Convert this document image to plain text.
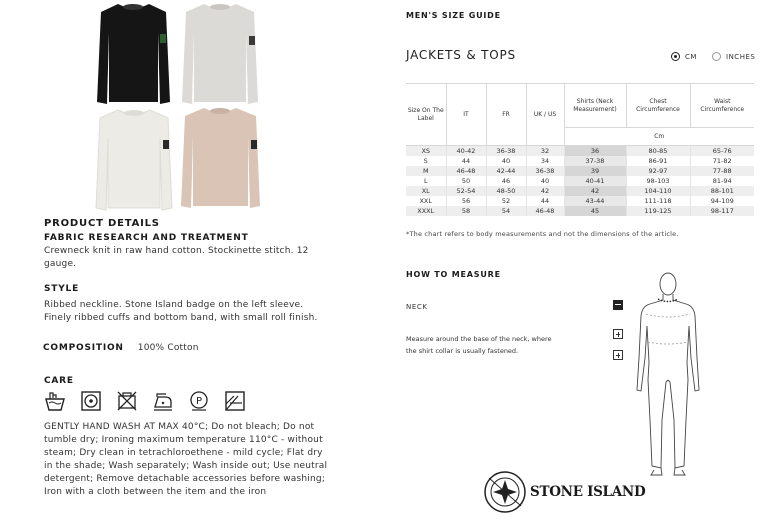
PRODUCT DETAILS
FABRIC RESEARCH AND TREATMENT
Crewneck knit in raw hand cotton. Stockinette stitch. 12 gauge.
STYLE
Ribbed neckline. Stone Island badge on the left sleeve. Finely ribbed cuffs and bottom band, with small roll finish.
COMPOSITION 100% Cotton
CARE
P
GENTLY HAND WASH AT MAX 40°C; Do not bleach; Do not tumble dry; Ironing maximum temperature 110°C - without steam; Dry clean in tetrachloroethene - mild cycle; Flat dry in the shade; Wash separately; Wash inside out; Use neutral detergent; Remove detachable accessories before washing; Iron with a cloth between the item and the iron
MEN'S SIZE GUIDE
JACKETS & TOPS	CM	INCHES
Size On The Label	IT	FR	UK / US	Shirts (Neck Measurement)	Chest Circumference	Waist Circumference
				Cm		
XS	40-42	36-38	32	36	80-85	65-76
S	44	40	34	37-38	86-91	71-82
M	46-48	42-44	36-38	39	92-97	77-88
L	50	46	40	40-41	98-103	81-94
XL	52-54	48-50	42	42	104-110	88-101
XXL	56	52	44	43-44	111-118	94-109
XXXL	58	54	46-48	45	119-125	98-117
*The chart refers to body measurements and not the dimensions of the article.
HOW TO MEASURE
NECK
Measure around the base of the neck, where the shirt collar is usually fastened.
STONE ISLAND
